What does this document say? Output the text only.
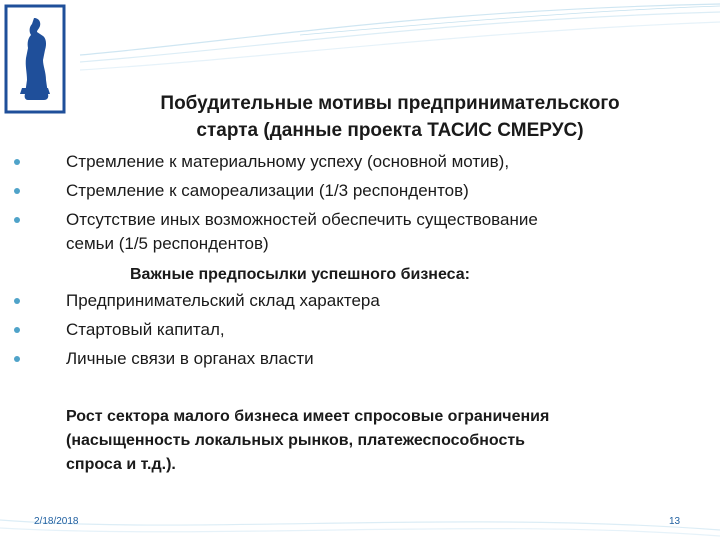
Побудительные мотивы предпринимательского
старта (данные проекта ТАСИС СМЕРУС)
Стремление к материальному успеху (основной мотив),
Стремление к самореализации (1/3 респондентов)
Отсутствие иных возможностей обеспечить существование
семьи (1/5 респондентов)
Важные предпосылки успешного бизнеса:
Предпринимательский склад характера
Стартовый капитал,
Личные связи в органах власти
Рост сектора малого бизнеса имеет спросовые ограничения
(насыщенность локальных рынков, платежеспособность
спроса и т.д.).
2/18/2018	13
